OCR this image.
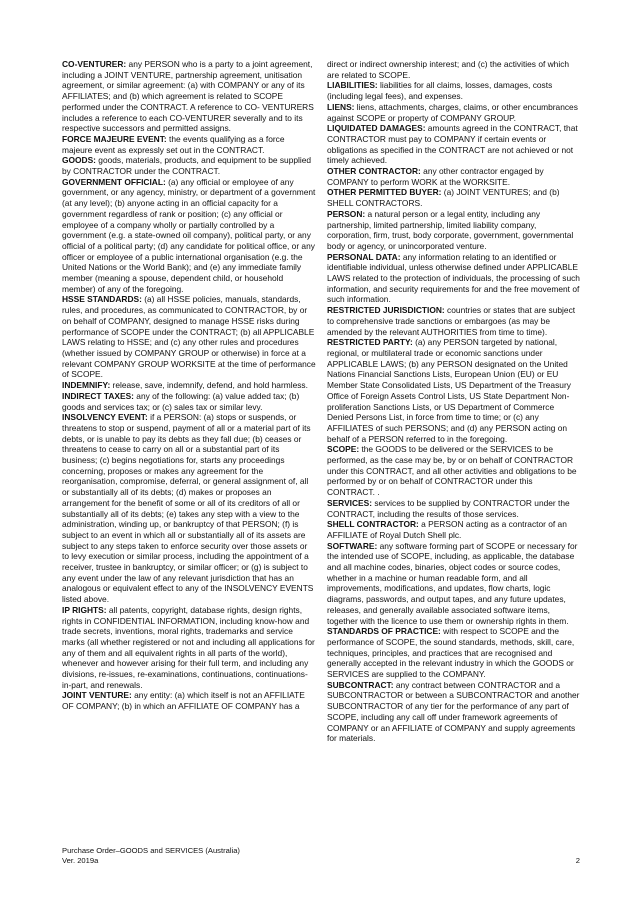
CO-VENTURER: any PERSON who is a party to a joint agreement, including a JOINT VENTURE, partnership agreement, unitisation agreement, or similar agreement: (a) with COMPANY or any of its AFFILIATES; and (b) which agreement is related to SCOPE performed under the CONTRACT. A reference to CO- VENTURERS includes a reference to each CO-VENTURER severally and to its respective successors and permitted assigns.

FORCE MAJEURE EVENT: the events qualifying as a force majeure event as expressly set out in the CONTRACT.

GOODS: goods, materials, products, and equipment to be supplied by CONTRACTOR under the CONTRACT.

GOVERNMENT OFFICIAL: (a) any official or employee of any government, or any agency, ministry, or department of a government (at any level); (b) anyone acting in an official capacity for a government regardless of rank or position; (c) any official or employee of a company wholly or partially controlled by a government (e.g. a state-owned oil company), political party, or any official of a political party; (d) any candidate for political office, or any officer or employee of a public international organisation (e.g. the United Nations or the World Bank); and (e) any immediate family member (meaning a spouse, dependent child, or household member) of any of the foregoing.

HSSE STANDARDS: (a) all HSSE policies, manuals, standards, rules, and procedures, as communicated to CONTRACTOR, by or on behalf of COMPANY, designed to manage HSSE risks during performance of SCOPE under the CONTRACT; (b) all APPLICABLE LAWS relating to HSSE; and (c) any other rules and procedures (whether issued by COMPANY GROUP or otherwise) in force at a relevant COMPANY GROUP WORKSITE at the time of performance of SCOPE.

INDEMNIFY: release, save, indemnify, defend, and hold harmless.

INDIRECT TAXES: any of the following: (a) value added tax; (b) goods and services tax; or (c) sales tax or similar levy.

INSOLVENCY EVENT: if a PERSON: (a) stops or suspends, or threatens to stop or suspend, payment of all or a material part of its debts, or is unable to pay its debts as they fall due; (b) ceases or threatens to cease to carry on all or a substantial part of its business; (c) begins negotiations for, starts any proceedings concerning, proposes or makes any agreement for the reorganisation, compromise, deferral, or general assignment of, all or substantially all of its debts; (d) makes or proposes an arrangement for the benefit of some or all of its creditors of all or substantially all of its debts; (e) takes any step with a view to the administration, winding up, or bankruptcy of that PERSON; (f) is subject to an event in which all or substantially all of its assets are subject to any steps taken to enforce security over those assets or to levy execution or similar process, including the appointment of a receiver, trustee in bankruptcy, or similar officer; or (g) is subject to any event under the law of any relevant jurisdiction that has an analogous or equivalent effect to any of the INSOLVENCY EVENTS listed above.

IP RIGHTS: all patents, copyright, database rights, design rights, rights in CONFIDENTIAL INFORMATION, including know-how and trade secrets, inventions, moral rights, trademarks and service marks (all whether registered or not and including all applications for any of them and all equivalent rights in all parts of the world), whenever and however arising for their full term, and including any divisions, re-issues, re-examinations, continuations, continuations-in-part, and renewals.

JOINT VENTURE: any entity: (a) which itself is not an AFFILIATE OF COMPANY; (b) in which an AFFILIATE OF COMPANY has a

direct or indirect ownership interest; and (c) the activities of which are related to SCOPE.

LIABILITIES: liabilities for all claims, losses, damages, costs (including legal fees), and expenses.

LIENS: liens, attachments, charges, claims, or other encumbrances against SCOPE or property of COMPANY GROUP.

LIQUIDATED DAMAGES: amounts agreed in the CONTRACT, that CONTRACTOR must pay to COMPANY if certain events or obligations as specified in the CONTRACT are not achieved or not timely achieved.

OTHER CONTRACTOR: any other contractor engaged by COMPANY to perform WORK at the WORKSITE.

OTHER PERMITTED BUYER: (a) JOINT VENTURES; and (b) SHELL CONTRACTORS.

PERSON: a natural person or a legal entity, including any partnership, limited partnership, limited liability company, corporation, firm, trust, body corporate, government, governmental body or agency, or unincorporated venture.

PERSONAL DATA: any information relating to an identified or identifiable individual, unless otherwise defined under APPLICABLE LAWS related to the protection of individuals, the processing of such information, and security requirements for and the free movement of such information.

RESTRICTED JURISDICTION: countries or states that are subject to comprehensive trade sanctions or embargoes (as may be amended by the relevant AUTHORITIES from time to time).

RESTRICTED PARTY: (a) any PERSON targeted by national, regional, or multilateral trade or economic sanctions under APPLICABLE LAWS; (b) any PERSON designated on the United Nations Financial Sanctions Lists, European Union (EU) or EU Member State Consolidated Lists, US Department of the Treasury Office of Foreign Assets Control Lists, US State Department Non-proliferation Sanctions Lists, or US Department of Commerce Denied Persons List, in force from time to time; or (c) any AFFILIATES of such PERSONS; and (d) any PERSON acting on behalf of a PERSON referred to in the foregoing.

SCOPE: the GOODS to be delivered or the SERVICES to be performed, as the case may be, by or on behalf of CONTRACTOR under this CONTRACT, and all other activities and obligations to be performed by or on behalf of CONTRACTOR under this CONTRACT. .

SERVICES: services to be supplied by CONTRACTOR under the CONTRACT, including the results of those services.

SHELL CONTRACTOR: a PERSON acting as a contractor of an AFFILIATE of Royal Dutch Shell plc.

SOFTWARE: any software forming part of SCOPE or necessary for the intended use of SCOPE, including, as applicable, the database and all machine codes, binaries, object codes or source codes, whether in a machine or human readable form, and all improvements, modifications, and updates, flow charts, logic diagrams, passwords, and output tapes, and any future updates, releases, and generally available associated software items, together with the licence to use them or ownership rights in them.

STANDARDS OF PRACTICE: with respect to SCOPE and the performance of SCOPE, the sound standards, methods, skill, care, techniques, principles, and practices that are recognised and generally accepted in the relevant industry in which the GOODS or SERVICES are supplied to the COMPANY.

SUBCONTRACT: any contract between CONTRACTOR and a SUBCONTRACTOR or between a SUBCONTRACTOR and another SUBCONTRACTOR of any tier for the performance of any part of SCOPE, including any call off under framework agreements of COMPANY or an AFFILIATE of COMPANY and supply agreements for materials.

Purchase Order–GOODS and SERVICES (Australia)
Ver. 2019a	2
